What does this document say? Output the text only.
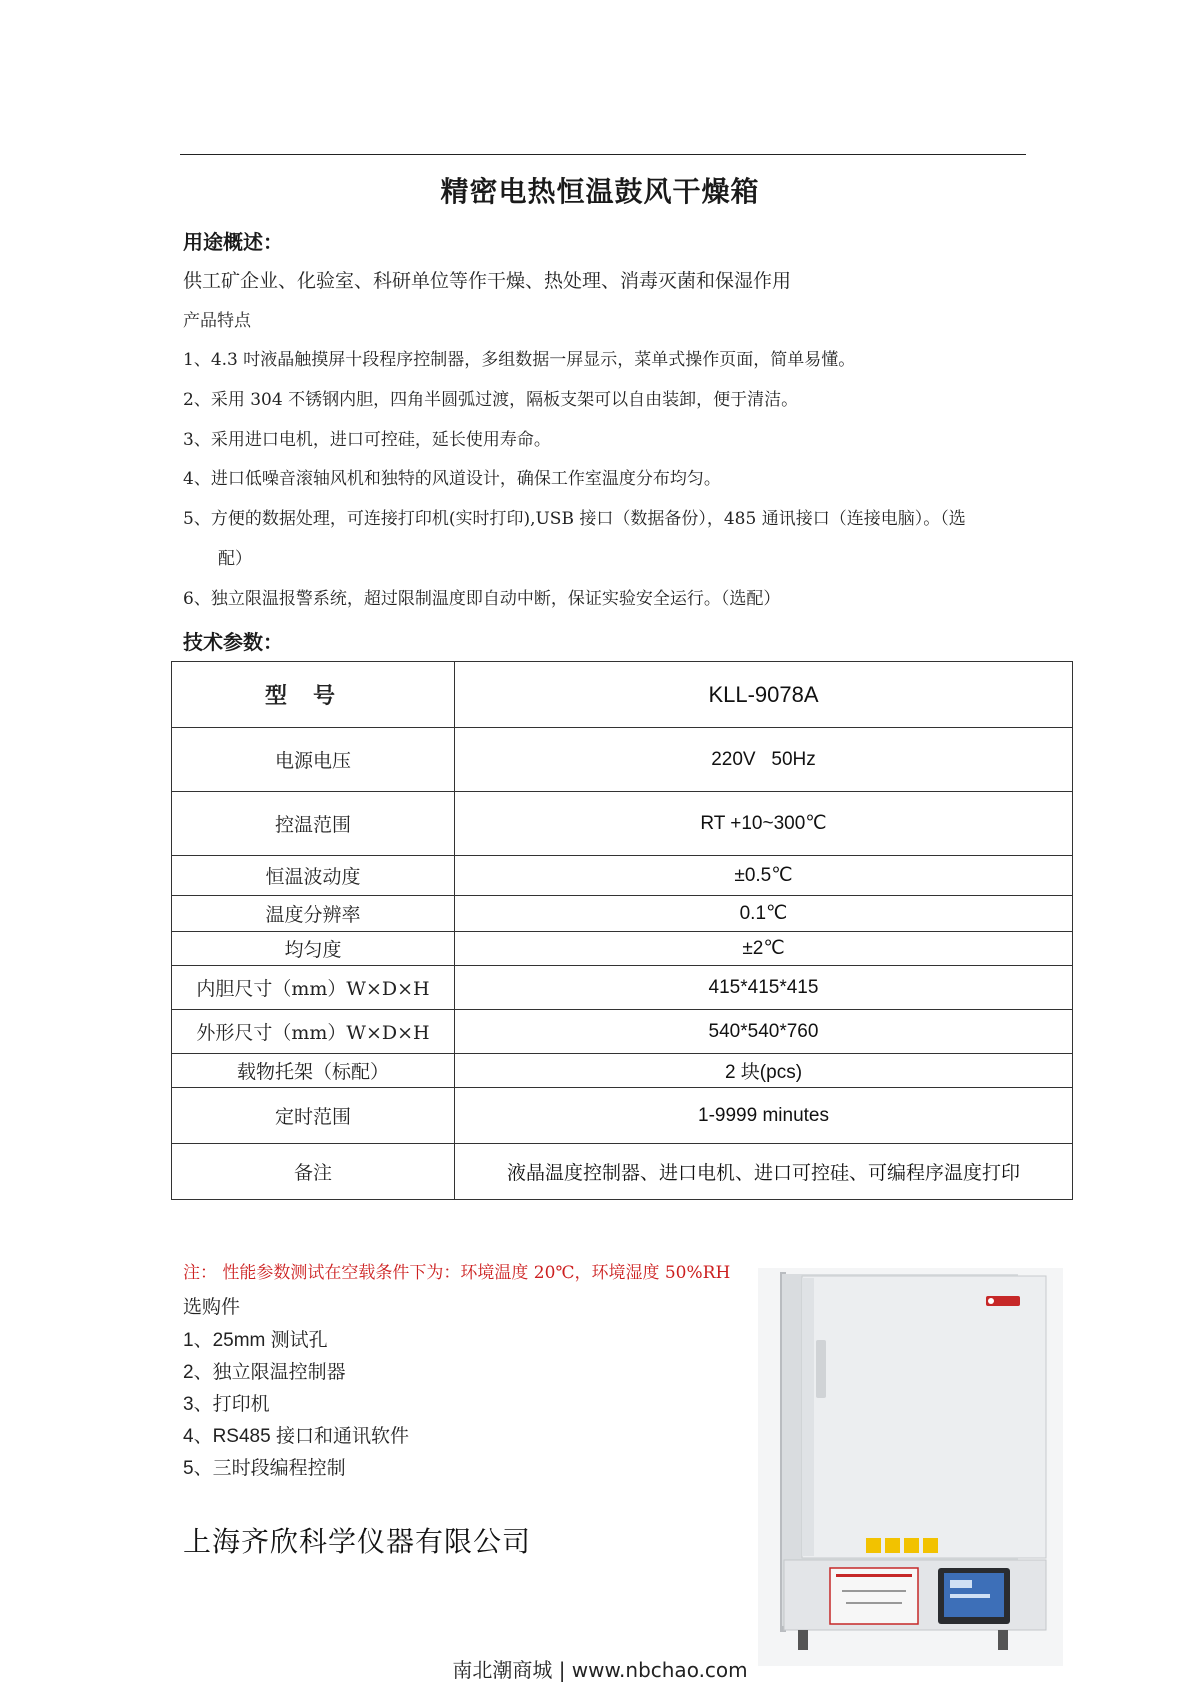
精密电热恒温鼓风干燥箱
用途概述：
供工矿企业、化验室、科研单位等作干燥、热处理、消毒灭菌和保湿作用
产品特点
1、4.3 吋液晶触摸屏十段程序控制器，多组数据一屏显示，菜单式操作页面，简单易懂。
2、采用 304 不锈钢内胆，四角半圆弧过渡，隔板支架可以自由装卸，便于清洁。
3、采用进口电机，进口可控硅，延长使用寿命。
4、进口低噪音滚轴风机和独特的风道设计，确保工作室温度分布均匀。
5、方便的数据处理，可连接打印机(实时打印),USB 接口（数据备份），485 通讯接口（连接电脑）。（选
配）
6、独立限温报警系统，超过限制温度即自动中断，保证实验安全运行。（选配）
技术参数：
型号	KLL-9078A
电源电压	220V   50Hz
控温范围	RT +10~300℃
恒温波动度	±0.5℃
温度分辨率	0.1℃
均匀度	±2℃
内胆尺寸（mm）W×D×H	415*415*415
外形尺寸（mm）W×D×H	540*540*760
载物托架（标配）	2 块(pcs)
定时范围	1-9999 minutes
备注	液晶温度控制器、进口电机、进口可控硅、可编程序温度打印
注： 性能参数测试在空载条件下为：环境温度 20℃，环境湿度 50%RH
选购件
1、25mm 测试孔
2、独立限温控制器
3、打印机
4、RS485 接口和通讯软件
5、三时段编程控制
上海齐欣科学仪器有限公司
南北潮商城 | www.nbchao.com
